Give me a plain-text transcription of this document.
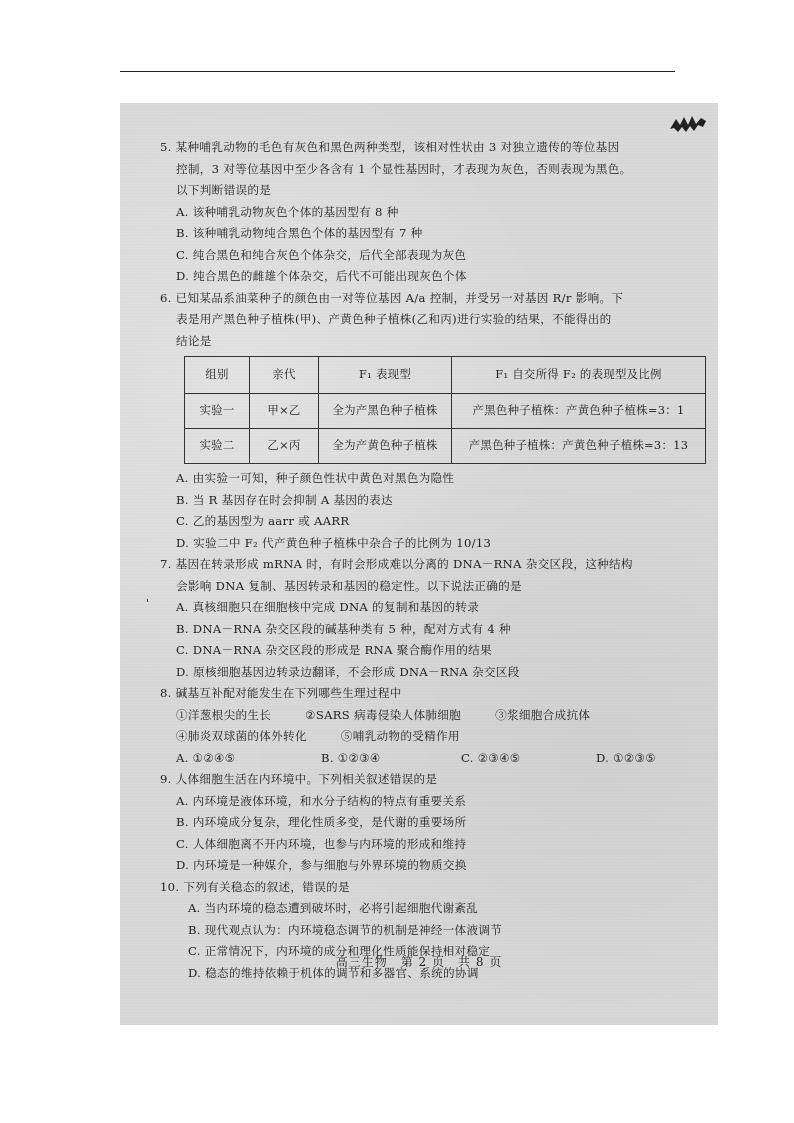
'

5. 某种哺乳动物的毛色有灰色和黑色两种类型，该相对性状由 3 对独立遗传的等位基因

控制，3 对等位基因中至少各含有 1 个显性基因时，才表现为灰色，否则表现为黑色。

以下判断错误的是

A. 该种哺乳动物灰色个体的基因型有 8 种

B. 该种哺乳动物纯合黑色个体的基因型有 7 种

C. 纯合黑色和纯合灰色个体杂交，后代全部表现为灰色

D. 纯合黑色的雌雄个体杂交，后代不可能出现灰色个体

6. 已知某品系油菜种子的颜色由一对等位基因 A/a 控制，并受另一对基因 R/r 影响。下

表是用产黑色种子植株(甲)、产黄色种子植株(乙和丙)进行实验的结果，不能得出的

结论是

组别	亲代	F₁ 表现型	F₁ 自交所得 F₂ 的表现型及比例
实验一	甲×乙	全为产黑色种子植株	产黑色种子植株：产黄色种子植株=3：1
实验二	乙×丙	全为产黄色种子植株	产黑色种子植株：产黄色种子植株=3：13

A. 由实验一可知，种子颜色性状中黄色对黑色为隐性

B. 当 R 基因存在时会抑制 A 基因的表达

C. 乙的基因型为 aarr 或 AARR

D. 实验二中 F₂ 代产黄色种子植株中杂合子的比例为 10/13

7. 基因在转录形成 mRNA 时，有时会形成难以分离的 DNA－RNA 杂交区段，这种结构

会影响 DNA 复制、基因转录和基因的稳定性。以下说法正确的是

A. 真核细胞只在细胞核中完成 DNA 的复制和基因的转录

B. DNA－RNA 杂交区段的碱基种类有 5 种，配对方式有 4 种

C. DNA－RNA 杂交区段的形成是 RNA 聚合酶作用的结果

D. 原核细胞基因边转录边翻译，不会形成 DNA－RNA 杂交区段

8. 碱基互补配对能发生在下列哪些生理过程中

①洋葱根尖的生长	②SARS 病毒侵染人体肺细胞	③浆细胞合成抗体

④肺炎双球菌的体外转化	⑤哺乳动物的受精作用

A. ①②④⑤	B. ①②③④	C. ②③④⑤	D. ①②③⑤

9. 人体细胞生活在内环境中。下列相关叙述错误的是

A. 内环境是液体环境，和水分子结构的特点有重要关系

B. 内环境成分复杂，理化性质多变，是代谢的重要场所

C. 人体细胞离不开内环境，也参与内环境的形成和维持

D. 内环境是一种媒介，参与细胞与外界环境的物质交换

10. 下列有关稳态的叙述，错误的是

A. 当内环境的稳态遭到破坏时，必将引起细胞代谢紊乱

B. 现代观点认为：内环境稳态调节的机制是神经一体液调节

C. 正常情况下，内环境的成分和理化性质能保持相对稳定

D. 稳态的维持依赖于机体的调节和多器官、系统的协调

高三生物　第 2 页　共 8 页
